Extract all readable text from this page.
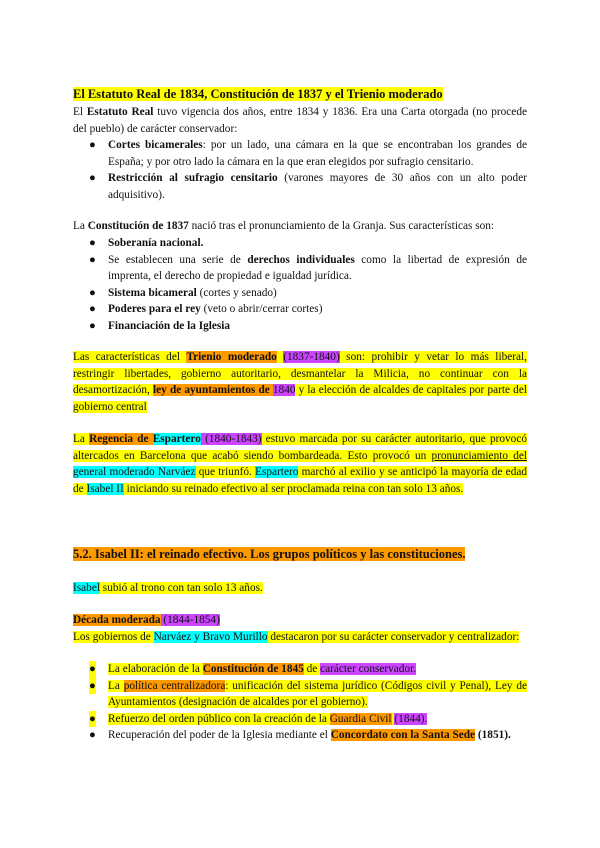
El Estatuto Real de 1834, Constitución de 1837 y el Trienio moderado
El Estatuto Real tuvo vigencia dos años, entre 1834 y 1836. Era una Carta otorgada (no procede del pueblo) de carácter conservador:
● Cortes bicamerales: por un lado, una cámara en la que se encontraban los grandes de España; y por otro lado la cámara en la que eran elegidos por sufragio censitario.
● Restricción al sufragio censitario (varones mayores de 30 años con un alto poder adquisitivo).
La Constitución de 1837 nació tras el pronunciamiento de la Granja. Sus características son:
● Soberanía nacional.
● Se establecen una serie de derechos individuales como la libertad de expresión de imprenta, el derecho de propiedad e igualdad jurídica.
● Sistema bicameral (cortes y senado)
● Poderes para el rey (veto o abrir/cerrar cortes)
● Financiación de la Iglesia
Las características del Trienio moderado (1837-1840) son: prohibir y vetar lo más liberal, restringir libertades, gobierno autoritario, desmantelar la Milicia, no continuar con la desamortización, ley de ayuntamientos de 1840 y la elección de alcaldes de capitales por parte del gobierno central
La Regencia de Espartero (1840-1843) estuvo marcada por su carácter autoritario, que provocó altercados en Barcelona que acabó siendo bombardeada. Esto provocó un pronunciamiento del general moderado Narváez que triunfó. Espartero marchó al exilio y se anticipó la mayoría de edad de Isabel II iniciando su reinado efectivo al ser proclamada reina con tan solo 13 años.
5.2. Isabel II: el reinado efectivo. Los grupos políticos y las constituciones.
Isabel subió al trono con tan solo 13 años.
Década moderada (1844-1854)
Los gobiernos de Narváez y Bravo Murillo destacaron por su carácter conservador y centralizador:
● La elaboración de la Constitución de 1845 de carácter conservador.
● La política centralizadora: unificación del sistema jurídico (Códigos civil y Penal), Ley de Ayuntamientos (designación de alcaldes por el gobierno).
● Refuerzo del orden público con la creación de la Guardia Civil (1844).
● Recuperación del poder de la Iglesia mediante el Concordato con la Santa Sede (1851).
